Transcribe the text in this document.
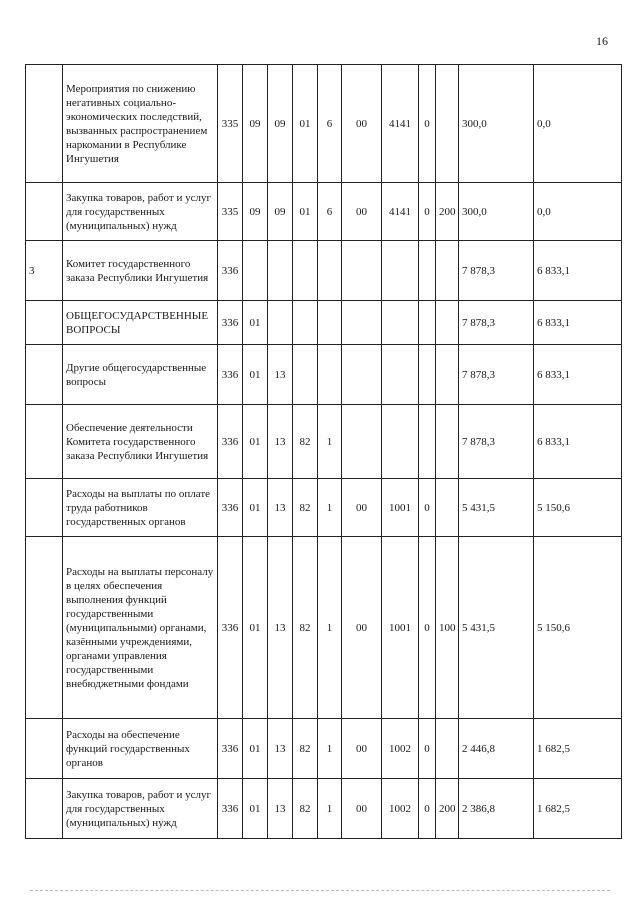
16
	Мероприятия по снижению негативных социально-экономических последствий, вызванных распространением наркомании в Республике Ингушетия	335	09	09	01	6	00	4141	0		300,0	0,0
	Закупка товаров, работ и услуг для государственных (муниципальных) нужд	335	09	09	01	6	00	4141	0	200	300,0	0,0
3	Комитет государственного заказа Республики Ингушетия	336									7 878,3	6 833,1
	ОБЩЕГОСУДАРСТВЕННЫЕ ВОПРОСЫ	336	01								7 878,3	6 833,1
	Другие общегосударственные вопросы	336	01	13							7 878,3	6 833,1
	Обеспечение деятельности Комитета государственного заказа Республики Ингушетия	336	01	13	82	1					7 878,3	6 833,1
	Расходы на выплаты по оплате труда работников государственных органов	336	01	13	82	1	00	1001	0		5 431,5	5 150,6
	Расходы на выплаты персоналу в целях обеспечения выполнения функций государственными (муниципальными) органами, казёнными учреждениями, органами управления государственными внебюджетными фондами	336	01	13	82	1	00	1001	0	100	5 431,5	5 150,6
	Расходы на обеспечение функций государственных органов	336	01	13	82	1	00	1002	0		2 446,8	1 682,5
	Закупка товаров, работ и услуг для государственных (муниципальных) нужд	336	01	13	82	1	00	1002	0	200	2 386,8	1 682,5
